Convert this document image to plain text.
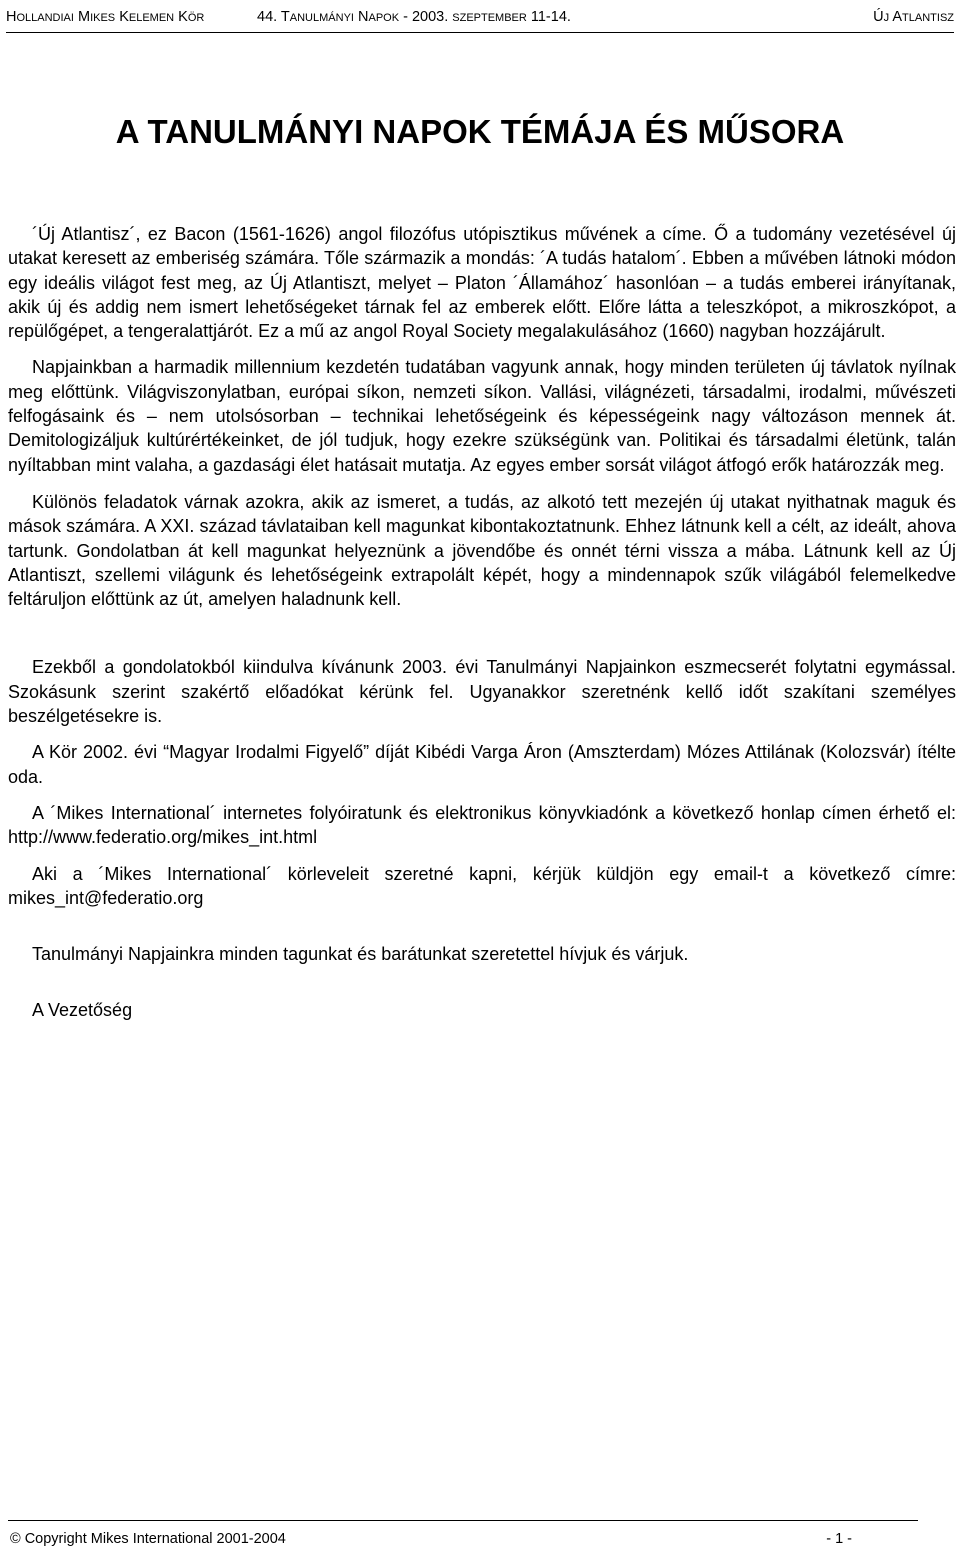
HOLLANDIAI MIKES KELEMEN KÖR	44. TANULMÁNYI NAPOK - 2003. SZEPTEMBER 11-14.	ÚJ ATLANTISZ
A TANULMÁNYI NAPOK TÉMÁJA ÉS MŰSORA

´Új Atlantisz´, ez Bacon (1561-1626) angol filozófus utópisztikus művének a címe. Ő a tudomány vezetésével új utakat keresett az emberiség számára. Tőle származik a mondás: ´A tudás hatalom´. Ebben a művében látnoki módon egy ideális világot fest meg, az Új Atlantiszt, melyet – Platon ´Államához´ hasonlóan – a tudás emberei irányítanak, akik új és addig nem ismert lehetőségeket tárnak fel az emberek előtt. Előre látta a teleszkópot, a mikroszkópot, a repülőgépet, a tengeralattjárót. Ez a mű az angol Royal Society megalakulásához (1660) nagyban hozzájárult.

Napjainkban a harmadik millennium kezdetén tudatában vagyunk annak, hogy minden területen új távlatok nyílnak meg előttünk. Világviszonylatban, európai síkon, nemzeti síkon. Vallási, világnézeti, társadalmi, irodalmi, művészeti felfogásaink és – nem utolsósorban – technikai lehetőségeink és képességeink nagy változáson mennek át. Demitologizáljuk kultúrértékeinket, de jól tudjuk, hogy ezekre szükségünk van. Politikai és társadalmi életünk, talán nyíltabban mint valaha, a gazdasági élet hatásait mutatja. Az egyes ember sorsát világot átfogó erők határozzák meg.

Különös feladatok várnak azokra, akik az ismeret, a tudás, az alkotó tett mezején új utakat nyithatnak maguk és mások számára. A XXI. század távlataiban kell magunkat kibontakoztatnunk. Ehhez látnunk kell a célt, az ideált, ahova tartunk. Gondolatban át kell magunkat helyeznünk a jövendőbe és onnét térni vissza a mába. Látnunk kell az Új Atlantiszt, szellemi világunk és lehetőségeink extrapolált képét, hogy a mindennapok szűk világából felemelkedve feltáruljon előttünk az út, amelyen haladnunk kell.

Ezekből a gondolatokból kiindulva kívánunk 2003. évi Tanulmányi Napjainkon eszmecserét folytatni egymással. Szokásunk szerint szakértő előadókat kérünk fel. Ugyanakkor szeretnénk kellő időt szakítani személyes beszélgetésekre is.

A Kör 2002. évi “Magyar Irodalmi Figyelő” díját Kibédi Varga Áron (Amszterdam) Mózes Attilának (Kolozsvár) ítélte oda.

A ´Mikes International´ internetes folyóiratunk és elektronikus könyvkiadónk a következő honlap címen érhető el: http://www.federatio.org/mikes_int.html

Aki a ´Mikes International´ körleveleit szeretné kapni, kérjük küldjön egy email-t a következő címre: mikes_int@federatio.org

Tanulmányi Napjainkra minden tagunkat és barátunkat szeretettel hívjuk és várjuk.

A Vezetőség

© Copyright Mikes International 2001-2004	- 1 -
